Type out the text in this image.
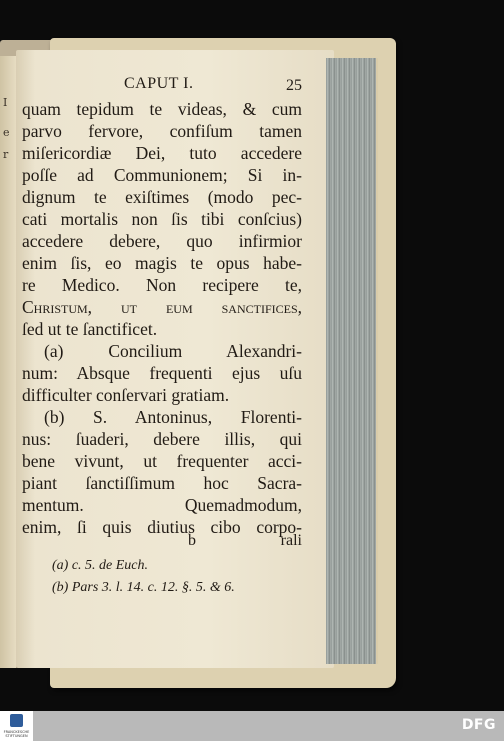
I
e
r
CAPUT I.	25
quam tepidum te videas, & cum
parvo fervore, confiſum tamen
miſericordiæ Dei, tuto accedere
poſſe ad Communionem; Si in-
dignum te exiſtimes (modo pec-
cati mortalis non ſis tibi conſcius)
accedere debere, quo infirmior
enim ſis, eo magis te opus habe-
re Medico. Non recipere te,
Christum, ut eum ſanctifices,
ſed ut te ſanctificet.
(a) Concilium Alexandri-
num: Absque frequenti ejus uſu
difficulter conſervari gratiam.
(b) S. Antoninus, Florenti-
nus: ſuaderi, debere illis, qui
bene vivunt, ut frequenter acci-
piant ſanctiſſimum hoc Sacra-
mentum. Quemadmodum,
enim, ſi quis diutius cibo corpo-
b	rali
(a) c. 5. de Euch.
(b) Pars 3. l. 14. c. 12. §. 5. & 6.
FRANCKESCHE STIFTUNGEN
DFG
